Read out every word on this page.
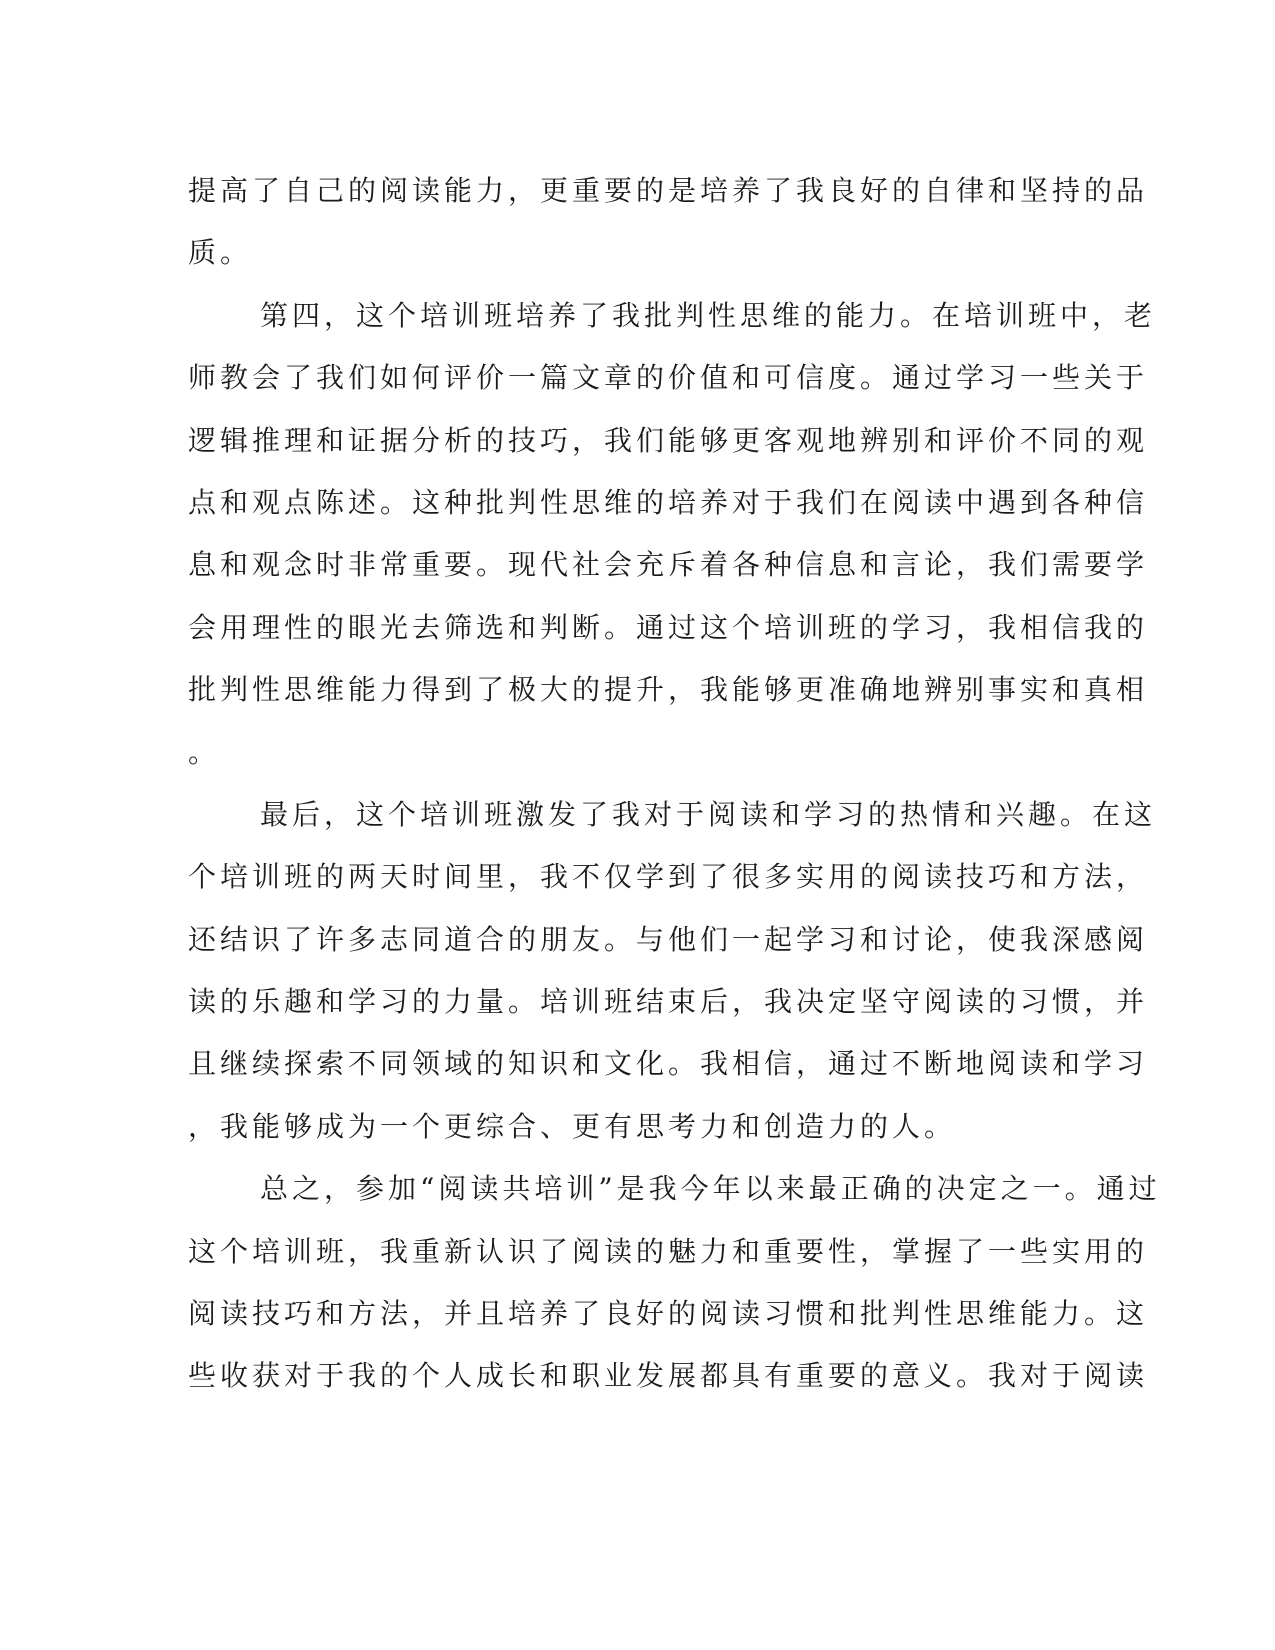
提高了自己的阅读能力，更重要的是培养了我良好的自律和坚持的品
质。
第四，这个培训班培养了我批判性思维的能力。在培训班中，老
师教会了我们如何评价一篇文章的价值和可信度。通过学习一些关于
逻辑推理和证据分析的技巧，我们能够更客观地辨别和评价不同的观
点和观点陈述。这种批判性思维的培养对于我们在阅读中遇到各种信
息和观念时非常重要。现代社会充斥着各种信息和言论，我们需要学
会用理性的眼光去筛选和判断。通过这个培训班的学习，我相信我的
批判性思维能力得到了极大的提升，我能够更准确地辨别事实和真相
。
最后，这个培训班激发了我对于阅读和学习的热情和兴趣。在这
个培训班的两天时间里，我不仅学到了很多实用的阅读技巧和方法，
还结识了许多志同道合的朋友。与他们一起学习和讨论，使我深感阅
读的乐趣和学习的力量。培训班结束后，我决定坚守阅读的习惯，并
且继续探索不同领域的知识和文化。我相信，通过不断地阅读和学习
，我能够成为一个更综合、更有思考力和创造力的人。
总之，参加“阅读共培训”是我今年以来最正确的决定之一。通过
这个培训班，我重新认识了阅读的魅力和重要性，掌握了一些实用的
阅读技巧和方法，并且培养了良好的阅读习惯和批判性思维能力。这
些收获对于我的个人成长和职业发展都具有重要的意义。我对于阅读
